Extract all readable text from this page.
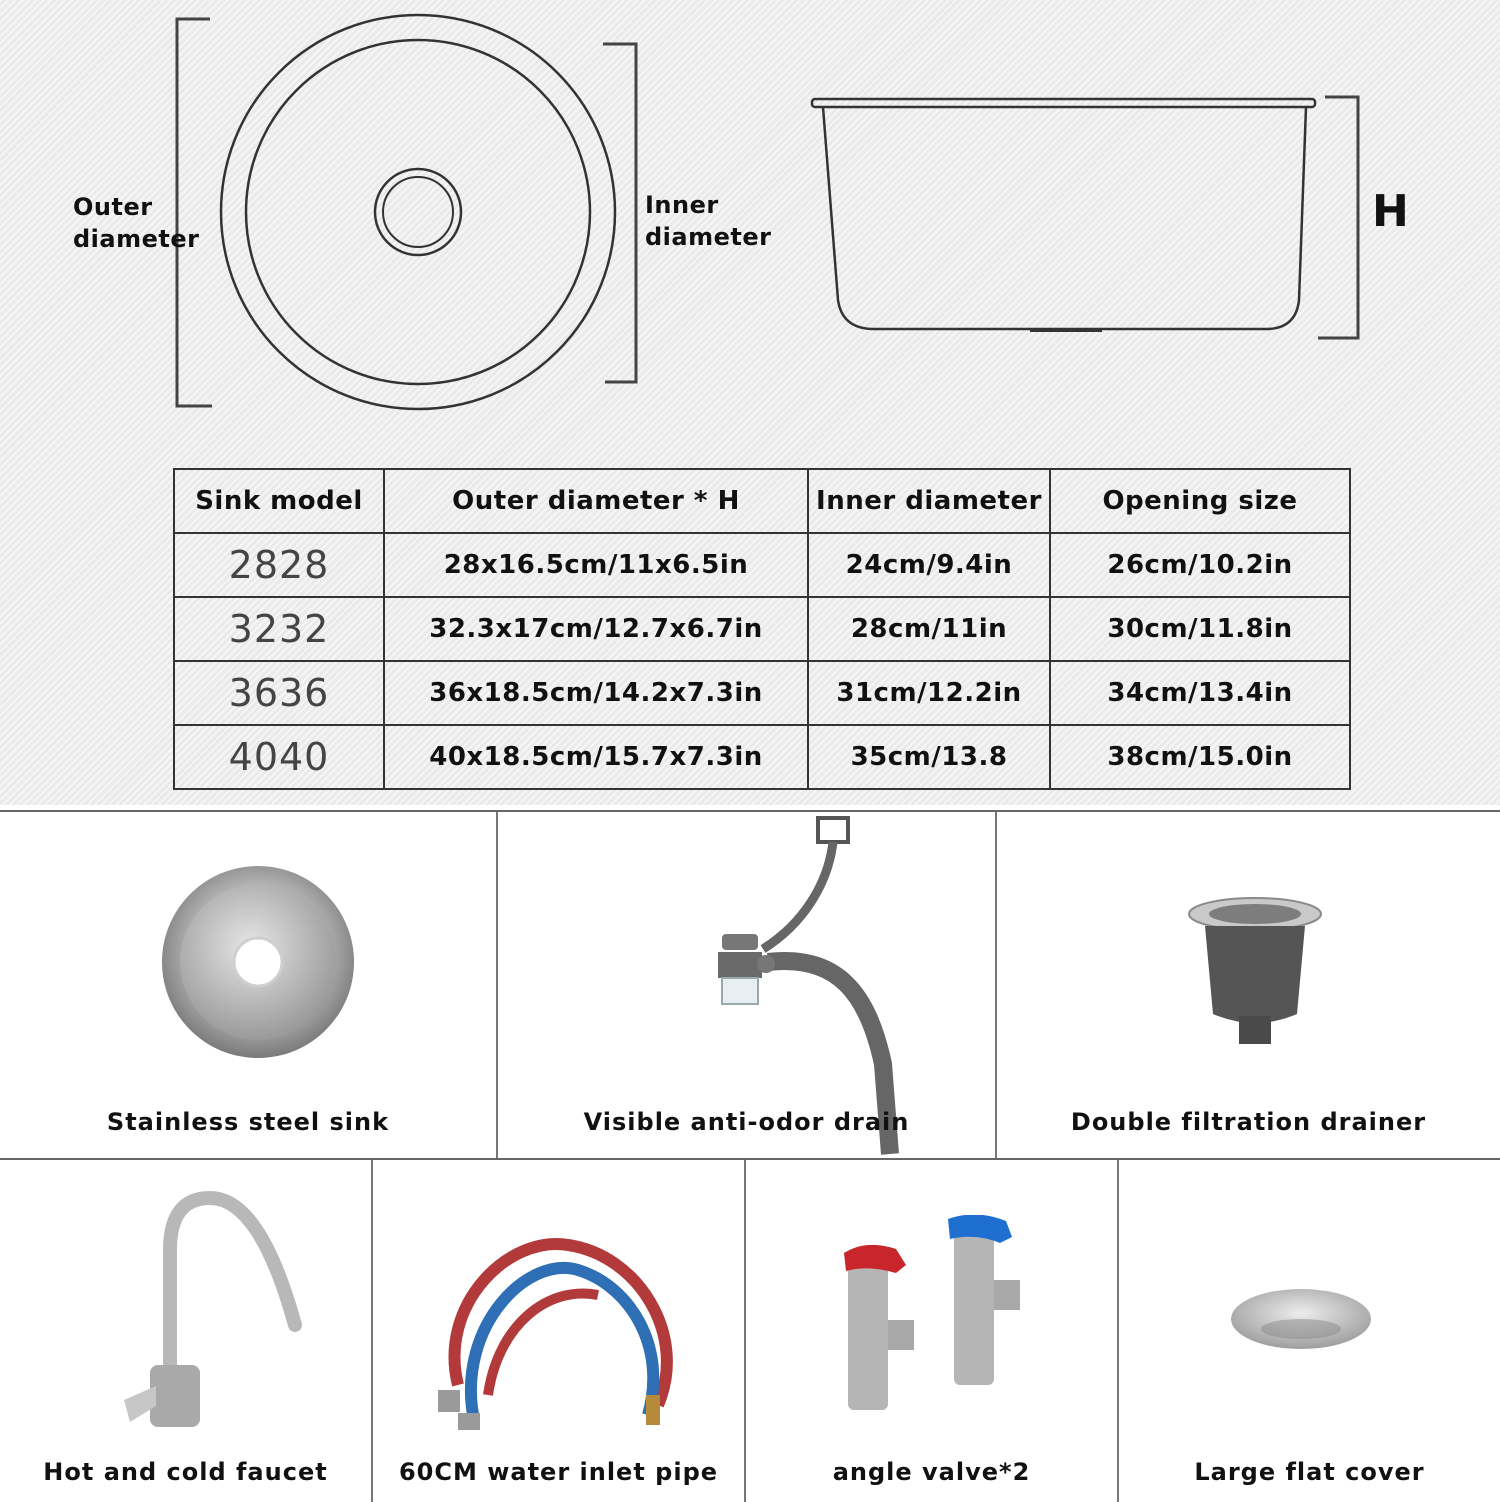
Outer
diameter
Inner
diameter	H
Sink model	Outer diameter * H	Inner diameter	Opening size
2828	28x16.5cm/11x6.5in	24cm/9.4in	26cm/10.2in
3232	32.3x17cm/12.7x6.7in	28cm/11in	30cm/11.8in
3636	36x18.5cm/14.2x7.3in	31cm/12.2in	34cm/13.4in
4040	40x18.5cm/15.7x7.3in	35cm/13.8	38cm/15.0in
Stainless steel sink	Visible anti-odor drain	Double filtration drainer
Hot and cold faucet	60CM water inlet pipe	angle valve*2	Large flat cover
